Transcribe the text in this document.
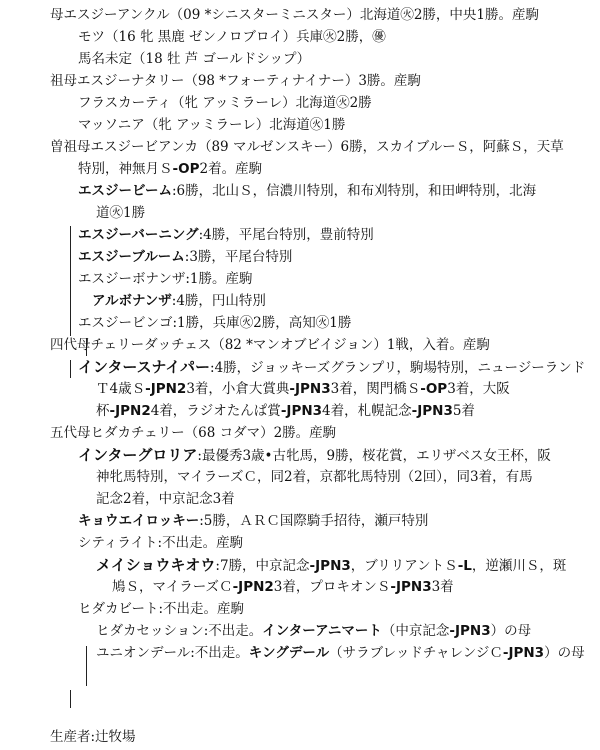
母エスジーアンクル（09 *シニスターミニスター）北海道㊋2勝，中央1勝。産駒
モツ（16 牝 黒鹿 ゼンノロブロイ）兵庫㊋2勝，㊝
馬名未定（18 牡 芦 ゴールドシップ）
祖母エスジーナタリー（98 *フォーティナイナー）3勝。産駒
フラスカーティ（牝 アッミラーレ）北海道㊋2勝
マッソニア（牝 アッミラーレ）北海道㊋1勝
曽祖母エスジービアンカ（89 マルゼンスキー）6勝，スカイブルーＳ，阿蘇Ｓ，天草
特別，神無月Ｓ-OP2着。産駒
エスジービーム:6勝，北山Ｓ，信濃川特別，和布刈特別，和田岬特別，北海
道㊋1勝
エスジーバーニング:4勝，平尾台特別，豊前特別
エスジーブルーム:3勝，平尾台特別
エスジーボナンザ:1勝。産駒
アルボナンザ:4勝，円山特別
エスジービンゴ:1勝，兵庫㊋2勝，高知㊋1勝
四代母チェリーダッチェス（82 *マンオブビイジョン）1戦，入着。産駒
インタースナイパー:4勝，ジョッキーズグランプリ，駒場特別，ニュージーランド
Ｔ4歳Ｓ-JPN23着，小倉大賞典-JPN33着，関門橋Ｓ-OP3着，大阪
杯-JPN24着，ラジオたんぱ賞-JPN34着，札幌記念-JPN35着
五代母ヒダカチェリー（68 コダマ）2勝。産駒
インターグロリア:最優秀3歳•古牝馬，9勝，桜花賞，エリザベス女王杯，阪
神牝馬特別，マイラーズＣ，同2着，京都牝馬特別（2回），同3着，有馬
記念2着，中京記念3着
キョウエイロッキー:5勝，ＡＲＣ国際騎手招待，瀬戸特別
シティライト:不出走。産駒
メイショウキオウ:7勝，中京記念-JPN3，ブリリアントＳ-L，逆瀬川Ｓ，斑
鳩Ｓ，マイラーズＣ-JPN23着，プロキオンＳ-JPN33着
ヒダカビート:不出走。産駒
ヒダカセッション:不出走。インターアニマート（中京記念-JPN3）の母
ユニオンデール:不出走。キングデール（サラブレッドチャレンジＣ-JPN3）の母
生産者:辻牧場
